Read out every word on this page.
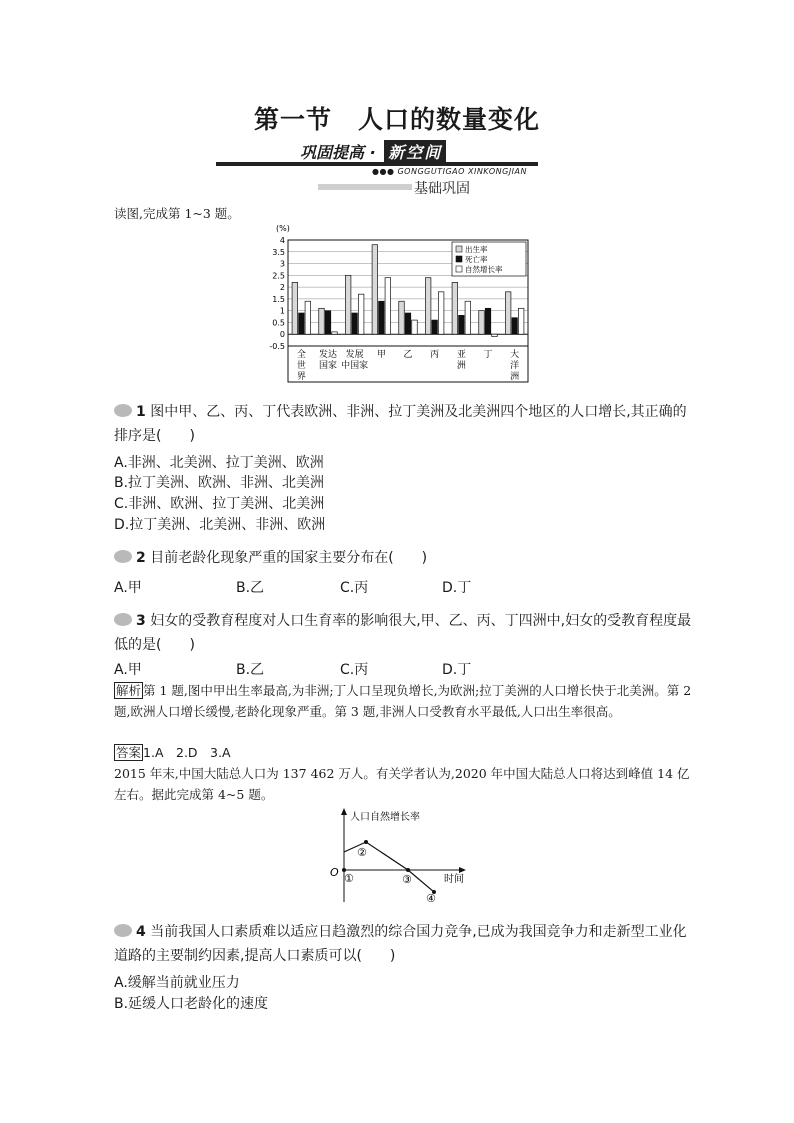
第一节　人口的数量变化
巩固提高 · 新空间
●●● GONGGUTIGAO XINKONGJIAN
基础巩固
读图,完成第 1~3 题。
(%)
4
3.5
3
2.5
2
1.5
1
0.5
0
-0.5
全
世
界
发达
国家
发展
中国家
甲 乙 丙 亚
洲
丁 大
洋
洲
出生率
死亡率
自然增长率
1 图中甲、乙、丙、丁代表欧洲、非洲、拉丁美洲及北美洲四个地区的人口增长,其正确的排序是(　　)
A.非洲、北美洲、拉丁美洲、欧洲
B.拉丁美洲、欧洲、非洲、北美洲
C.非洲、欧洲、拉丁美洲、北美洲
D.拉丁美洲、北美洲、非洲、欧洲
2 目前老龄化现象严重的国家主要分布在(　　)
A.甲	B.乙	C.丙	D.丁
3 妇女的受教育程度对人口生育率的影响很大,甲、乙、丙、丁四洲中,妇女的受教育程度最低的是(　　)
A.甲	B.乙	C.丙	D.丁
解析 第 1 题,图中甲出生率最高,为非洲;丁人口呈现负增长,为欧洲;拉丁美洲的人口增长快于北美洲。第 2 题,欧洲人口增长缓慢,老龄化现象严重。第 3 题,非洲人口受教育水平最低,人口出生率很高。
答案 1.A　2.D　3.A
2015 年末,中国大陆总人口为 137 462 万人。有关学者认为,2020 年中国大陆总人口将达到峰值 14 亿左右。据此完成第 4~5 题。
人口自然增长率
时间
O ①
②
③
④
4 当前我国人口素质难以适应日趋激烈的综合国力竞争,已成为我国竞争力和走新型工业化道路的主要制约因素,提高人口素质可以(　　)
A.缓解当前就业压力
B.延缓人口老龄化的速度
